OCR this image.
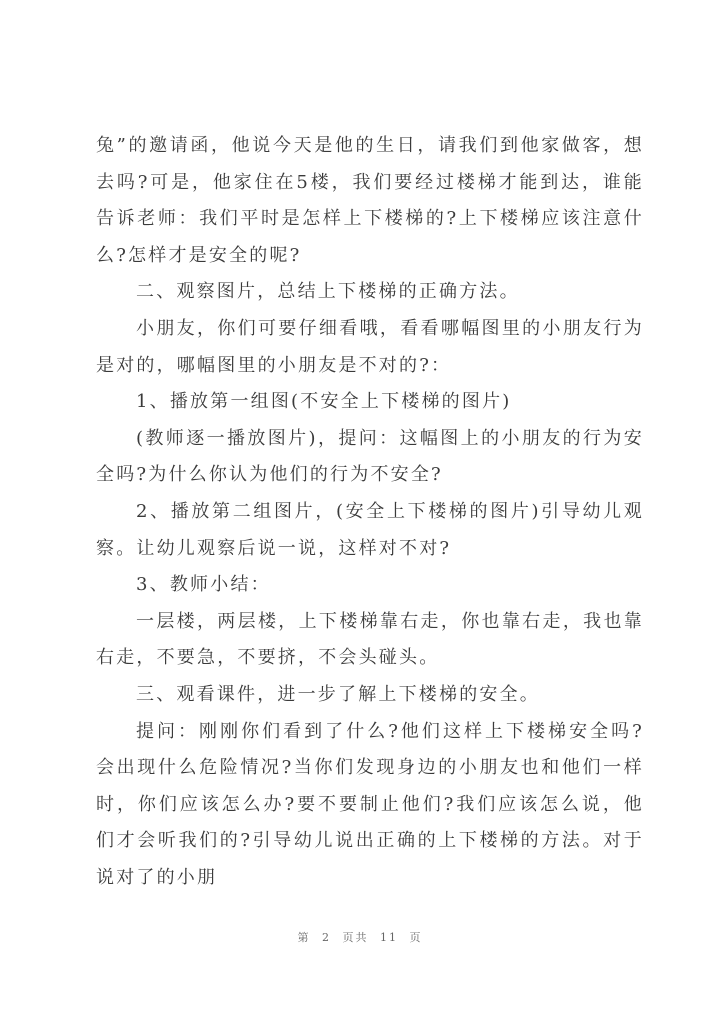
兔”的邀请函，他说今天是他的生日，请我们到他家做客，想去吗?可是，他家住在5楼，我们要经过楼梯才能到达，谁能告诉老师：我们平时是怎样上下楼梯的?上下楼梯应该注意什么?怎样才是安全的呢?

二、观察图片，总结上下楼梯的正确方法。

小朋友，你们可要仔细看哦，看看哪幅图里的小朋友行为是对的，哪幅图里的小朋友是不对的?：

1、播放第一组图(不安全上下楼梯的图片)

(教师逐一播放图片)，提问：这幅图上的小朋友的行为安全吗?为什么你认为他们的行为不安全?

2、播放第二组图片，(安全上下楼梯的图片)引导幼儿观察。让幼儿观察后说一说，这样对不对?

3、教师小结：

一层楼，两层楼，上下楼梯靠右走，你也靠右走，我也靠右走，不要急，不要挤，不会头碰头。

三、观看课件，进一步了解上下楼梯的安全。

提问：刚刚你们看到了什么?他们这样上下楼梯安全吗?会出现什么危险情况?当你们发现身边的小朋友也和他们一样时，你们应该怎么办?要不要制止他们?我们应该怎么说，他们才会听我们的?引导幼儿说出正确的上下楼梯的方法。对于说对了的小朋

第 2 页共 11 页
